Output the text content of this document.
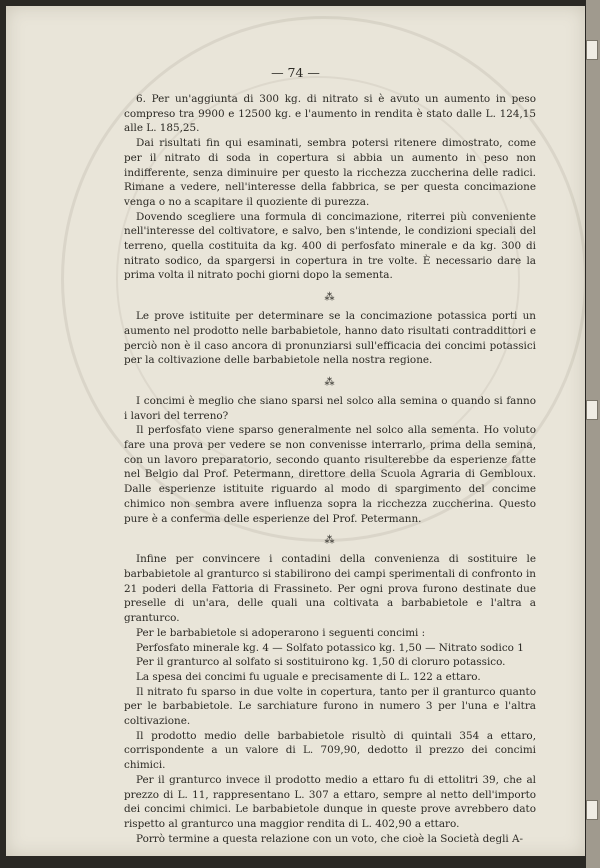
— 74 —

6. Per un'aggiunta di 300 kg. di nitrato si è avuto un aumento in peso compreso tra 9900 e 12500 kg. e l'aumento in rendita è stato dalle L. 124,15 alle L. 185,25.

Dai risultati fin qui esaminati, sembra potersi ritenere dimostrato, come per il nitrato di soda in copertura si abbia un aumento in peso non indifferente, senza diminuire per questo la ricchezza zuccherina delle radici. Rimane a vedere, nell'interesse della fabbrica, se per questa concimazione venga o no a scapitare il quoziente di purezza.

Dovendo scegliere una formula di concimazione, riterrei più conveniente nell'interesse del coltivatore, e salvo, ben s'intende, le condizioni speciali del terreno, quella costituita da kg. 400 di perfosfato minerale e da kg. 300 di nitrato sodico, da spargersi in copertura in tre volte. È necessario dare la prima volta il nitrato pochi giorni dopo la sementa.

⁂

Le prove istituite per determinare se la concimazione potassica porti un aumento nel prodotto nelle barbabietole, hanno dato risultati contraddittori e perciò non è il caso ancora di pronunziarsi sull'efficacia dei concimi potassici per la coltivazione delle barbabietole nella nostra regione.

⁂

I concimi è meglio che siano sparsi nel solco alla semina o quando si fanno i lavori del terreno?

Il perfosfato viene sparso generalmente nel solco alla sementa. Ho voluto fare una prova per vedere se non convenisse interrarlo, prima della semina, con un lavoro preparatorio, secondo quanto risulterebbe da esperienze fatte nel Belgio dal Prof. Petermann, direttore della Scuola Agraria di Gembloux. Dalle esperienze istituite riguardo al modo di spargimento del concime chimico non sembra avere influenza sopra la ricchezza zuccherina. Questo pure è a conferma delle esperienze del Prof. Petermann.

⁂

Infine per convincere i contadini della convenienza di sostituire le barbabietole al granturco si stabilirono dei campi sperimentali di confronto in 21 poderi della Fattoria di Frassineto. Per ogni prova furono destinate due preselle di un'ara, delle quali una coltivata a barbabietole e l'altra a granturco.

Per le barbabietole si adoperarono i seguenti concimi :

Perfosfato minerale kg. 4 — Solfato potassico kg. 1,50 — Nitrato sodico 1

Per il granturco al solfato si sostituirono kg. 1,50 di cloruro potassico.

La spesa dei concimi fu uguale e precisamente di L. 122 a ettaro.

Il nitrato fu sparso in due volte in copertura, tanto per il granturco quanto per le barbabietole. Le sarchiature furono in numero 3 per l'una e l'altra coltivazione.

Il prodotto medio delle barbabietole risultò di quintali 354 a ettaro, corrispondente a un valore di L. 709,90, dedotto il prezzo dei concimi chimici.

Per il granturco invece il prodotto medio a ettaro fu di ettolitri 39, che al prezzo di L. 11, rappresentano L. 307 a ettaro, sempre al netto dell'importo dei concimi chimici. Le barbabietole dunque in queste prove avrebbero dato rispetto al granturco una maggior rendita di L. 402,90 a ettaro.

Porrò termine a questa relazione con un voto, che cioè la Società degli A-
